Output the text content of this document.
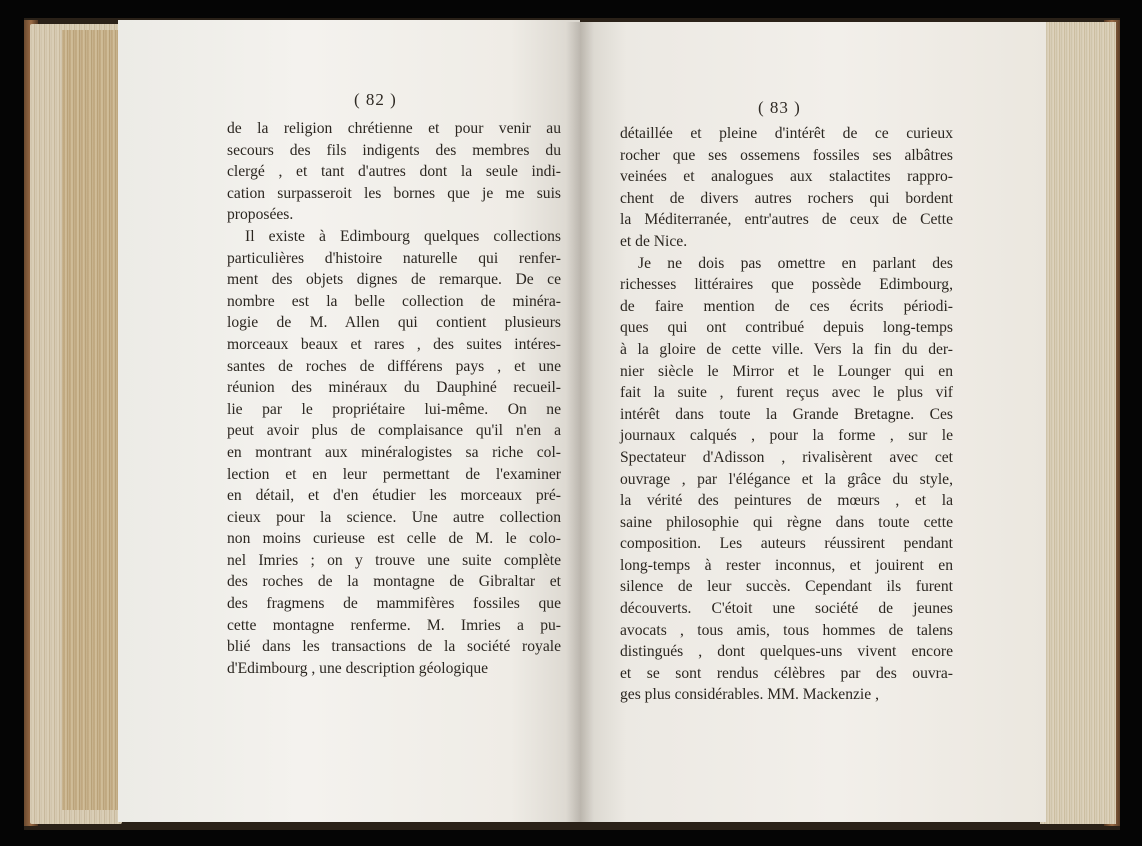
( 82 )
de la religion chrétienne et pour venir au
secours des fils indigents des membres du
clergé , et tant d'autres dont la seule indi-
cation surpasseroit les bornes que je me suis
proposées.
Il existe à Edimbourg quelques collections
particulières d'histoire naturelle qui renfer-
ment des objets dignes de remarque. De ce
nombre est la belle collection de minéra-
logie de M. Allen qui contient plusieurs
morceaux beaux et rares , des suites intéres-
santes de roches de différens pays , et une
réunion des minéraux du Dauphiné recueil-
lie par le propriétaire lui-même. On ne
peut avoir plus de complaisance qu'il n'en a
en montrant aux minéralogistes sa riche col-
lection et en leur permettant de l'examiner
en détail, et d'en étudier les morceaux pré-
cieux pour la science. Une autre collection
non moins curieuse est celle de M. le colo-
nel Imries ; on y trouve une suite complète
des roches de la montagne de Gibraltar et
des fragmens de mammifères fossiles que
cette montagne renferme. M. Imries a pu-
blié dans les transactions de la société royale
d'Edimbourg , une description géologique
( 83 )
détaillée et pleine d'intérêt de ce curieux
rocher que ses ossemens fossiles ses albâtres
veinées et analogues aux stalactites rappro-
chent de divers autres rochers qui bordent
la Méditerranée, entr'autres de ceux de Cette
et de Nice.
Je ne dois pas omettre en parlant des
richesses littéraires que possède Edimbourg,
de faire mention de ces écrits périodi-
ques qui ont contribué depuis long-temps
à la gloire de cette ville. Vers la fin du der-
nier siècle le Mirror et le Lounger qui en
fait la suite , furent reçus avec le plus vif
intérêt dans toute la Grande Bretagne. Ces
journaux calqués , pour la forme , sur le
Spectateur d'Adisson , rivalisèrent avec cet
ouvrage , par l'élégance et la grâce du style,
la vérité des peintures de mœurs , et la
saine philosophie qui règne dans toute cette
composition. Les auteurs réussirent pendant
long-temps à rester inconnus, et jouirent en
silence de leur succès. Cependant ils furent
découverts. C'étoit une société de jeunes
avocats , tous amis, tous hommes de talens
distingués , dont quelques-uns vivent encore
et se sont rendus célèbres par des ouvra-
ges plus considérables. MM. Mackenzie ,
